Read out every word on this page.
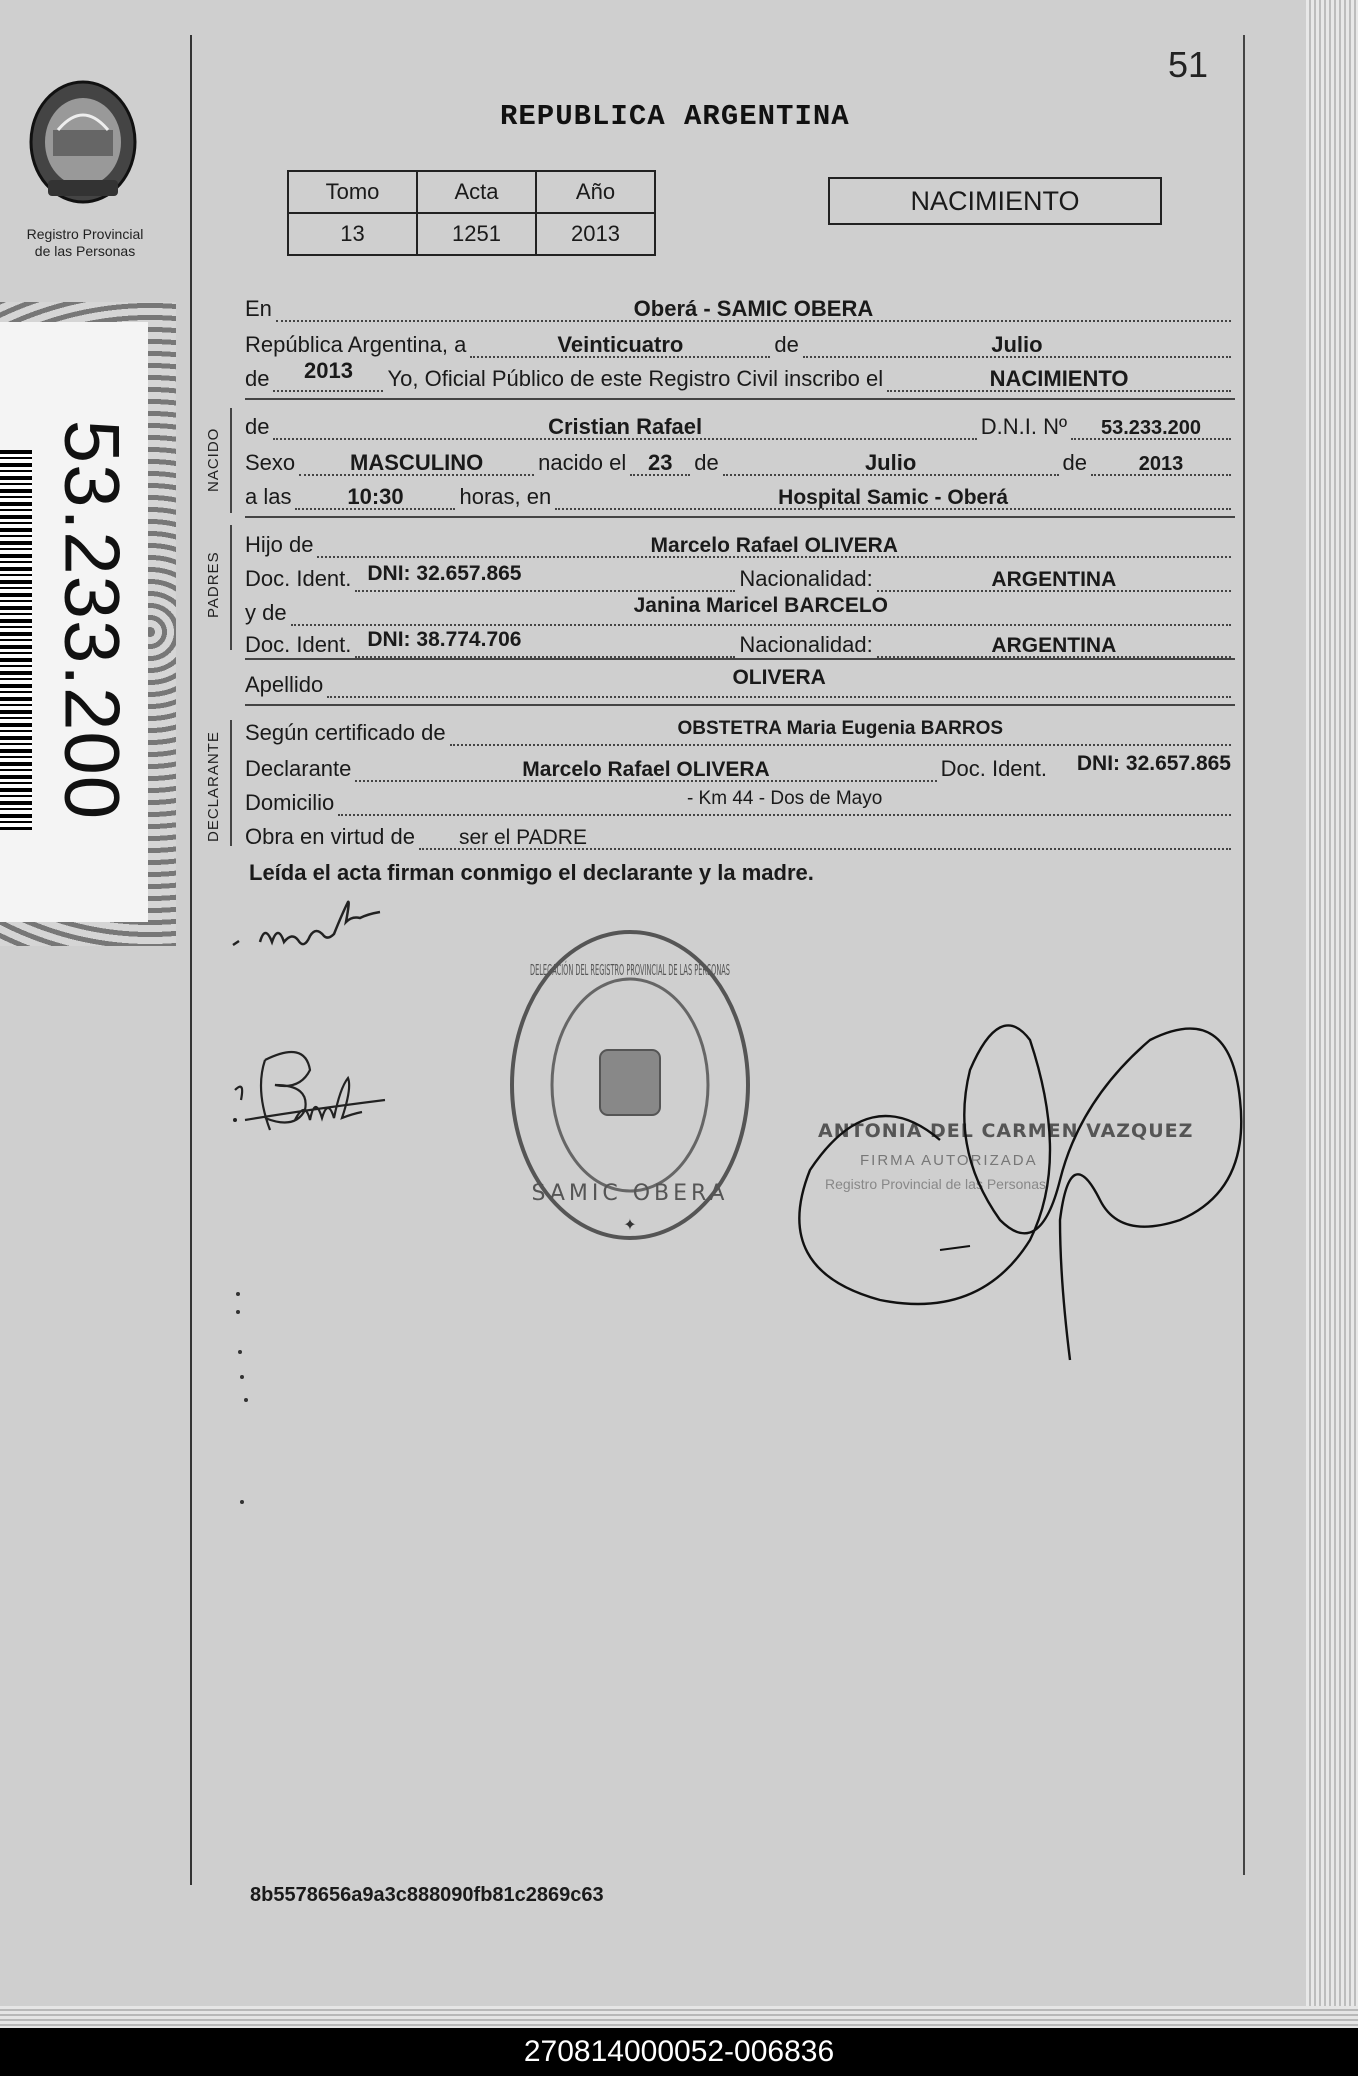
Registro Provincial
de las Personas
53.233.200
51
REPUBLICA ARGENTINA
Tomo	Acta	Año
13	1251	2013
NACIMIENTO
En	Oberá - SAMIC OBERA
República Argentina, a	Veinticuatro	de	Julio
de 2013 Yo, Oficial Público de este Registro Civil inscribo el	NACIMIENTO
NACIDO
de	Cristian Rafael	D.N.I. Nº 53.233.200
Sexo MASCULINO nacido el 23 de	Julio	de	2013
a las	10:30	horas, en	Hospital Samic - Oberá
PADRES
Hijo de	Marcelo Rafael OLIVERA
Doc. Ident. DNI: 32.657.865	Nacionalidad:	ARGENTINA
y de	Janina Maricel BARCELO
Doc. Ident. DNI: 38.774.706	Nacionalidad:	ARGENTINA
Apellido	OLIVERA
DECLARANTE Según certificado de	OBSTETRA Maria Eugenia BARROS
Declarante	Marcelo Rafael OLIVERA	Doc. Ident. DNI: 32.657.865
Domicilio	- Km 44 - Dos de Mayo
Obra en virtud de ser el PADRE
Leída el acta firman conmigo el declarante y la madre.
SAMIC OBERA
DELEGACIÓN DEL REGISTRO PROVINCIAL DE LAS PERSONAS
✦
ANTONIA DEL CARMEN VAZQUEZ
FIRMA AUTORIZADA
Registro Provincial de las Personas
8b5578656a9a3c888090fb81c2869c63
270814000052-006836
